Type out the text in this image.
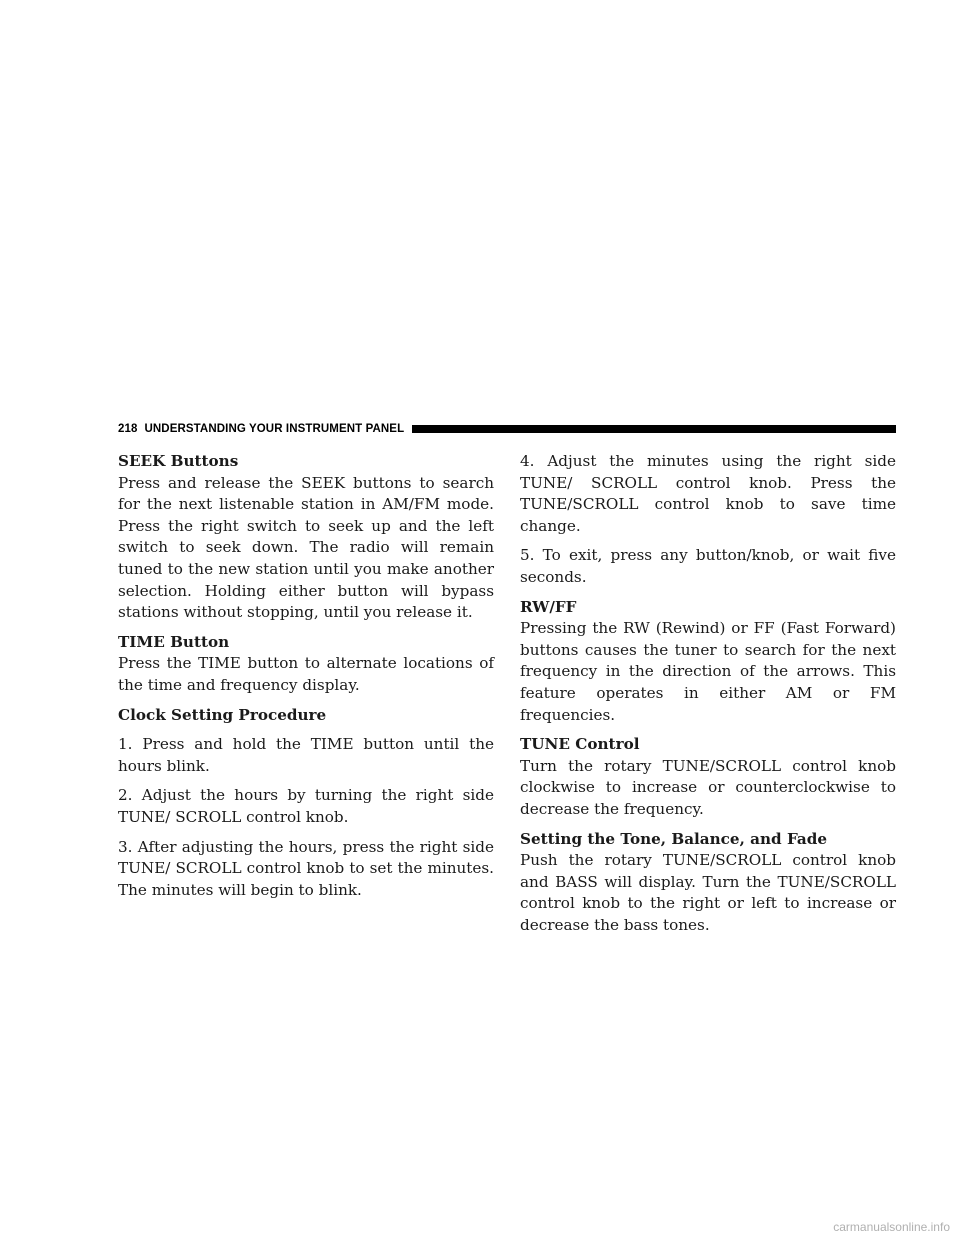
218 UNDERSTANDING YOUR INSTRUMENT PANEL
SEEK Buttons

Press and release the SEEK buttons to search for the next listenable station in AM/FM mode. Press the right switch to seek up and the left switch to seek down. The radio will remain tuned to the new station until you make another selection. Holding either button will bypass stations without stopping, until you release it.

TIME Button

Press the TIME button to alternate locations of the time and frequency display.

Clock Setting Procedure

1. Press and hold the TIME button until the hours blink.

2. Adjust the hours by turning the right side TUNE/ SCROLL control knob.

3. After adjusting the hours, press the right side TUNE/ SCROLL control knob to set the minutes. The minutes will begin to blink.

4. Adjust the minutes using the right side TUNE/ SCROLL control knob. Press the TUNE/SCROLL control knob to save time change.

5. To exit, press any button/knob, or wait five seconds.

RW/FF

Pressing the RW (Rewind) or FF (Fast Forward) buttons causes the tuner to search for the next frequency in the direction of the arrows. This feature operates in either AM or FM frequencies.

TUNE Control

Turn the rotary TUNE/SCROLL control knob clockwise to increase or counterclockwise to decrease the frequency.

Setting the Tone, Balance, and Fade

Push the rotary TUNE/SCROLL control knob and BASS will display. Turn the TUNE/SCROLL control knob to the right or left to increase or decrease the bass tones.

carmanualsonline.info
